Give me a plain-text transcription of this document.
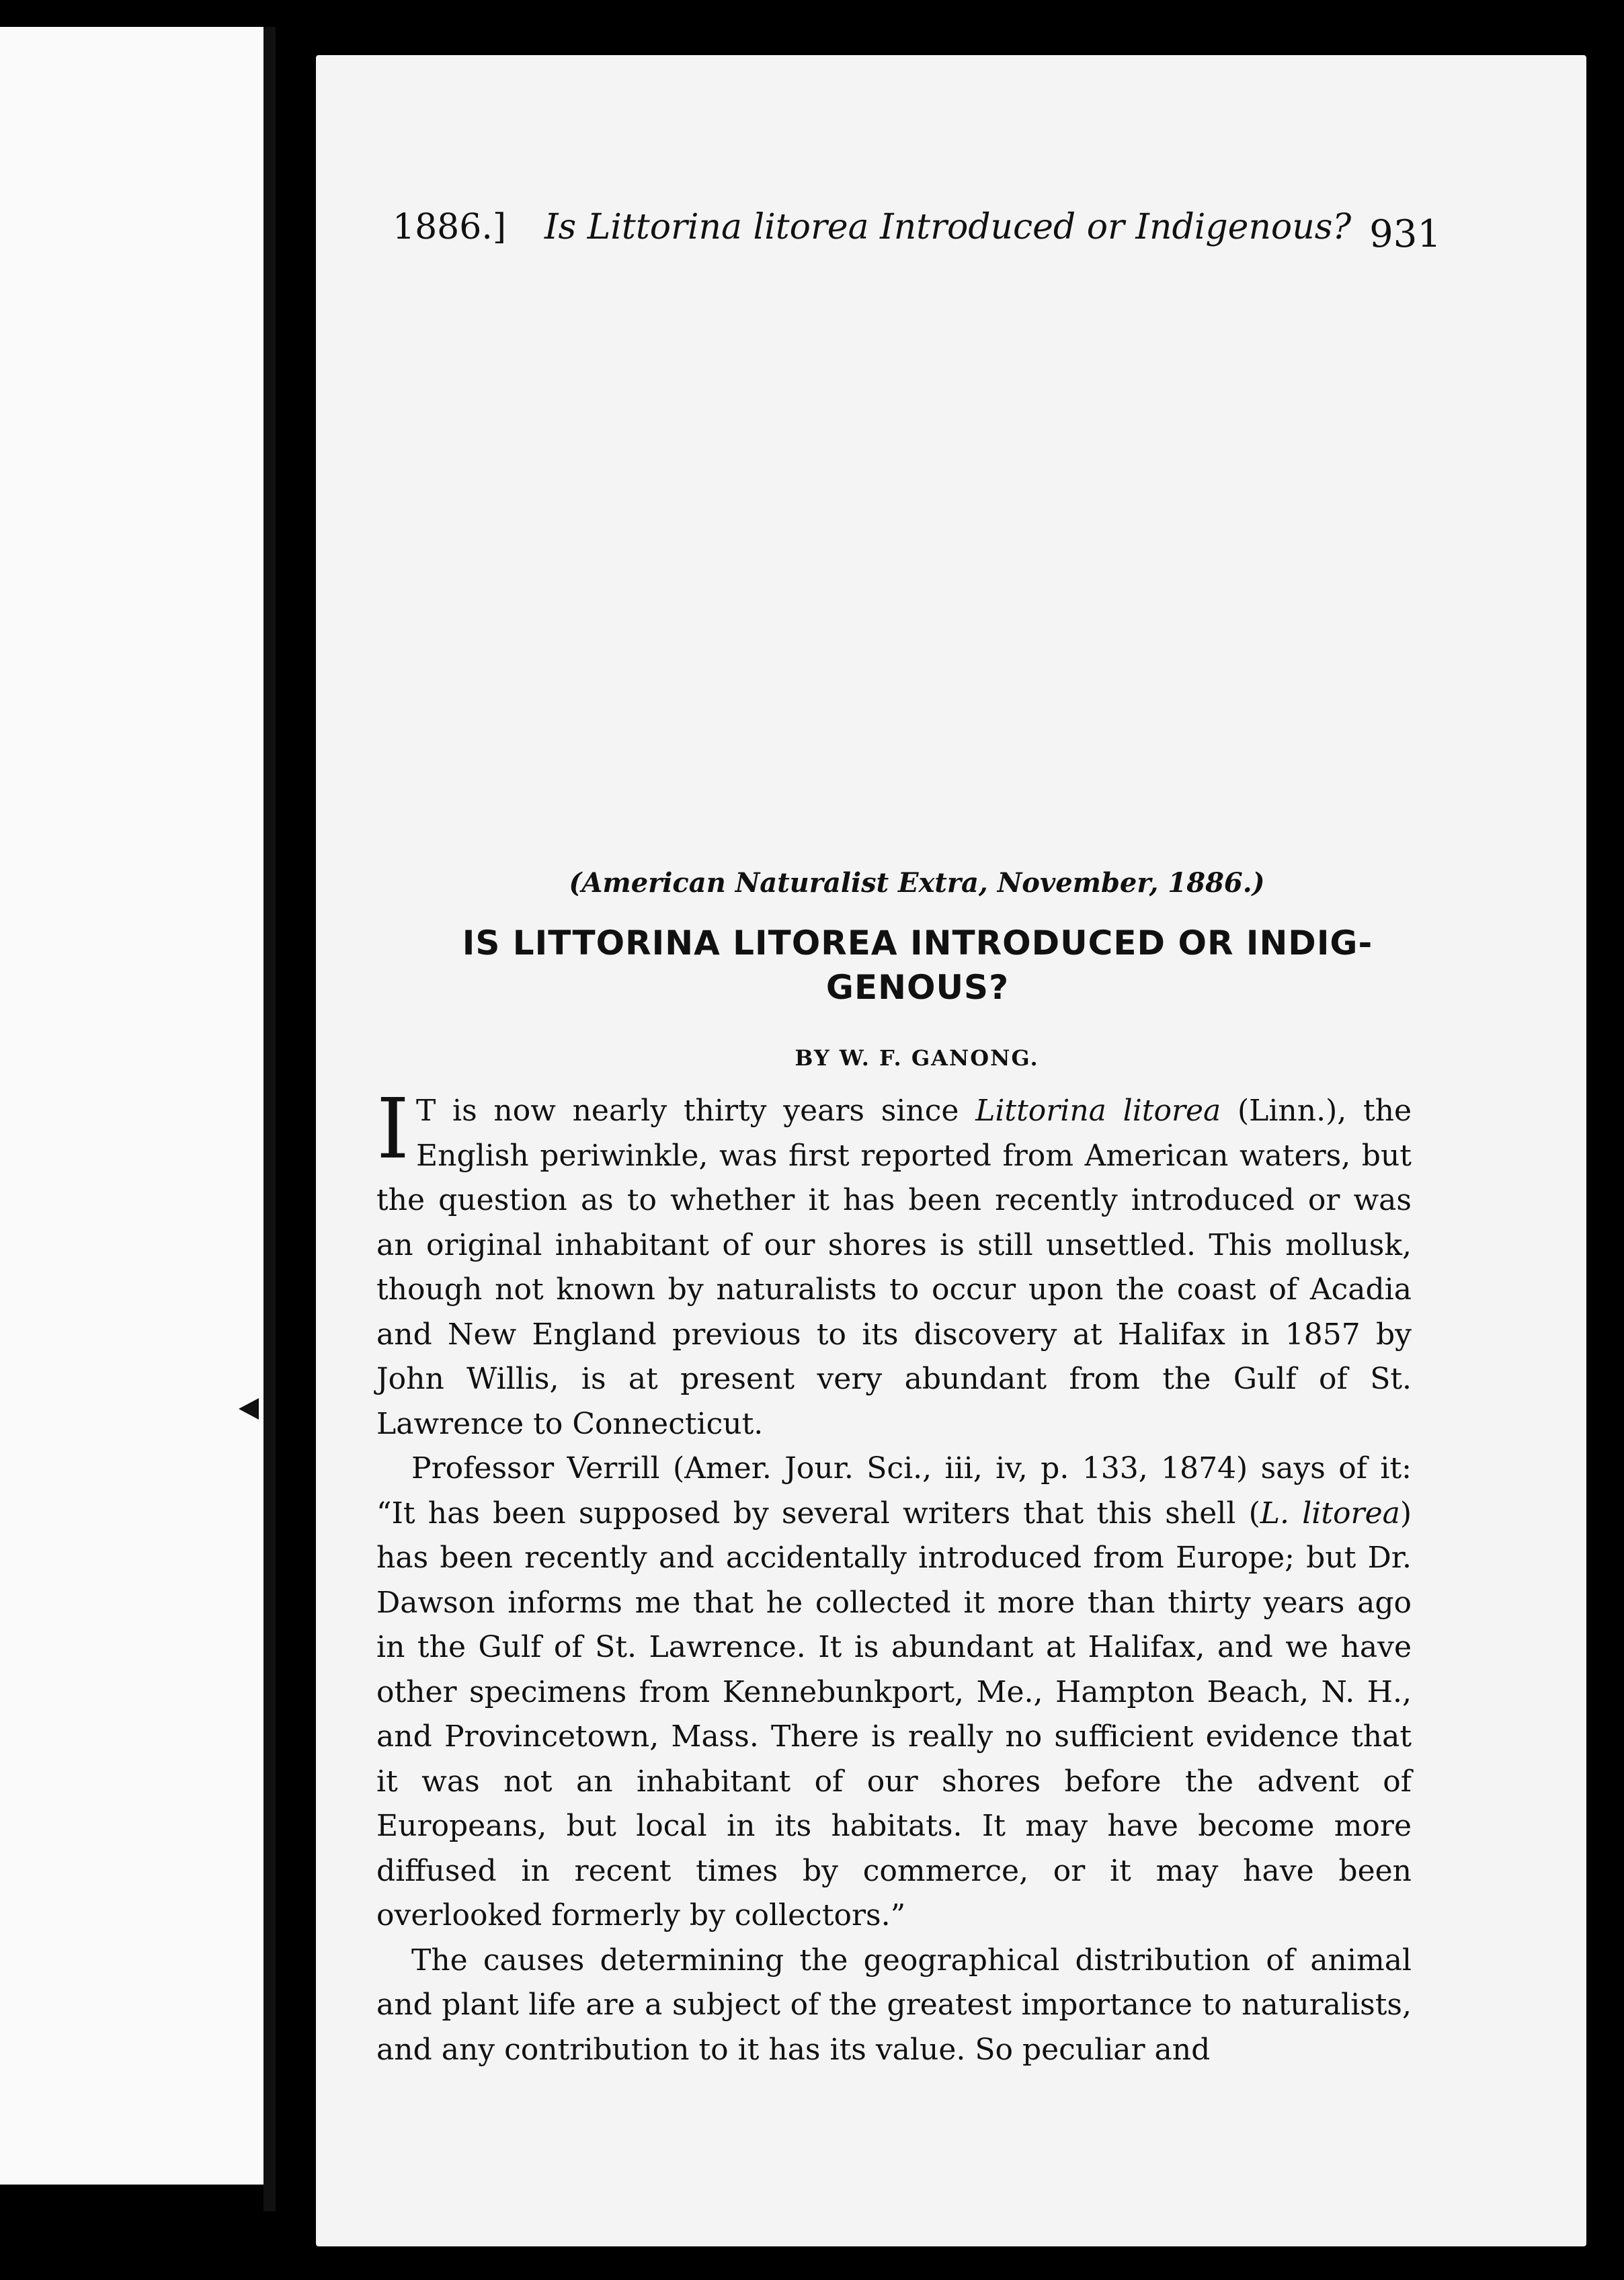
1886.] Is Littorina litorea Introduced or Indigenous? 931
(American Naturalist Extra, November, 1886.)
IS LITTORINA LITOREA INTRODUCED OR INDIG-GENOUS?
BY W. F. GANONG.

I T is now nearly thirty years since Littorina litorea (Linn.), the English periwinkle, was first reported from American waters, but the question as to whether it has been recently introduced or was an original inhabitant of our shores is still unsettled. This mollusk, though not known by naturalists to occur upon the coast of Acadia and New England previous to its discovery at Halifax in 1857 by John Willis, is at present very abundant from the Gulf of St. Lawrence to Connecticut.

Professor Verrill (Amer. Jour. Sci., iii, iv, p. 133, 1874) says of it: “It has been supposed by several writers that this shell (L. litorea) has been recently and accidentally introduced from Europe; but Dr. Dawson informs me that he collected it more than thirty years ago in the Gulf of St. Lawrence. It is abundant at Halifax, and we have other specimens from Kennebunkport, Me., Hampton Beach, N. H., and Provincetown, Mass. There is really no sufficient evidence that it was not an inhabitant of our shores before the advent of Europeans, but local in its habitats. It may have become more diffused in recent times by commerce, or it may have been overlooked formerly by collectors.”

The causes determining the geographical distribution of animal and plant life are a subject of the greatest importance to naturalists, and any contribution to it has its value. So peculiar and
